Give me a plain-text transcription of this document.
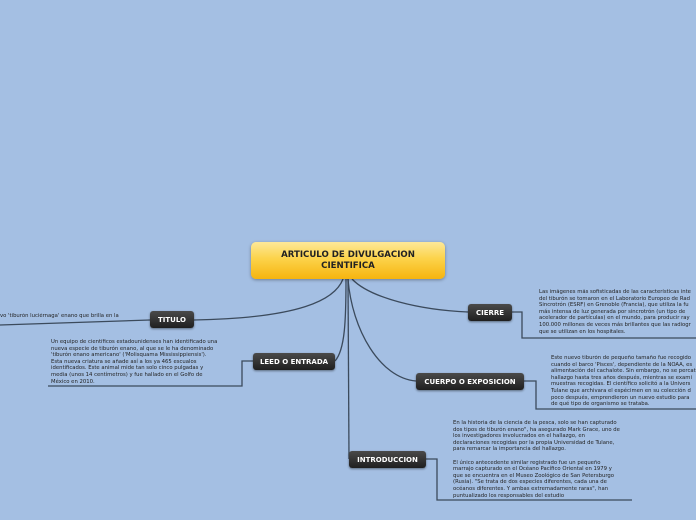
ARTICULO DE DIVULGACION
CIENTIFICA
TITULO
LEED O ENTRADA
INTRODUCCION
CUERPO O EXPOSICION
CIERRE
vo 'tiburón luciérnaga' enano que brilla en la
Un equipo de científicos estadounidenses han identificado una
nueva especie de tiburón enano, al que se le ha denominado
'tiburón enano americano' ('Molisquama Mississippiensis').
Esta nueva criatura se añade así a los ya 465 escualos
identificados. Este animal mide tan solo cinco pulgadas y
media (unos 14 centímetros) y fue hallado en el Golfo de
México en 2010.
En la historia de la ciencia de la pesca, solo se han capturado
dos tipos de tiburón enano", ha asegurado Mark Grace, uno de
los investigadores involucrados en el hallazgo, en
declaraciones recogidas por la propia Universidad de Tulane,
para remarcar la importancia del hallazgo.

El único antecedente similar registrado fue un pequeño
marrajo capturado en el Océano Pacífico Oriental en 1979 y
que se encuentra en el Museo Zoológico de San Petersburgo
(Rusia). "Se trata de dos especies diferentes, cada una de
océanos diferentes. Y ambas extremadamente raras", han
puntualizado los responsables del estudio
Este nuevo tiburón de pequeño tamaño fue recogido
cuando el barco 'Pisces', dependiente de la NOAA, es
alimentación del cachalote. Sin embargo, no se percat
hallazgo hasta tres años después, mientras se exami
muestras recogidas. El científico solicitó a la Univers
Tulane que archivara el espécimen en su colección d
poco después, emprendieron un nuevo estudio para
de qué tipo de organismo se trataba.
Las imágenes más sofisticadas de las características inte
del tiburón se tomaron en el Laboratorio Europeo de Rad
Sincrotrón (ESRF) en Grenoble (Francia), que utiliza la fu
más intensa de luz generada por sincrotrón (un tipo de
acelerador de partículas) en el mundo, para producir ray
100.000 millones de veces más brillantes que las radiogr
que se utilizan en los hospitales.
